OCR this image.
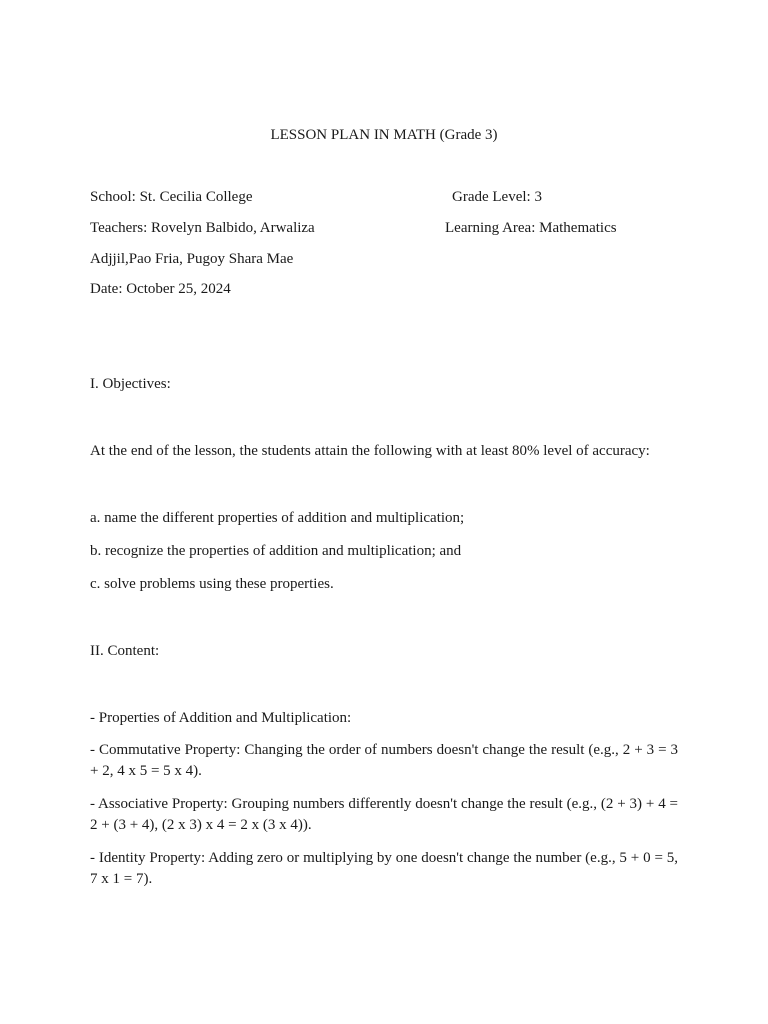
LESSON PLAN IN MATH (Grade 3)
School: St. Cecilia College	Grade Level: 3
Teachers: Rovelyn Balbido, Arwaliza	Learning Area: Mathematics
Adjjil,Pao Fria, Pugoy Shara Mae
Date: October 25, 2024
I. Objectives:
At the end of the lesson, the students attain the following with at least 80% level of accuracy:
a. name the different properties of addition and multiplication;
b. recognize the properties of addition and multiplication; and
c. solve problems using these properties.
II. Content:
- Properties of Addition and Multiplication:
- Commutative Property: Changing the order of numbers doesn't change the result (e.g., 2 + 3 = 3 + 2, 4 x 5 = 5 x 4).
- Associative Property: Grouping numbers differently doesn't change the result (e.g., (2 + 3) + 4 = 2 + (3 + 4), (2 x 3) x 4 = 2 x (3 x 4)).
- Identity Property: Adding zero or multiplying by one doesn't change the number (e.g., 5 + 0 = 5, 7 x 1 = 7).
